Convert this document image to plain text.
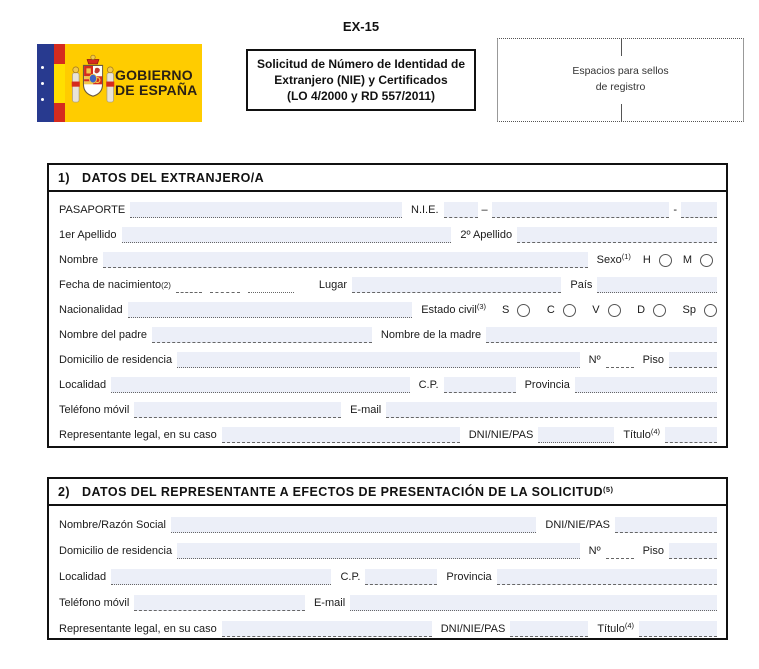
EX-15
GOBIERNO
DE ESPAÑA
Solicitud de Número de Identidad de
Extranjero (NIE) y Certificados
(LO 4/2000 y RD 557/2011)
Espacios para sellos
de registro
1) DATOS DEL EXTRANJERO/A
PASAPORTE	N.I.E.	–	-
1er Apellido	2º Apellido
Nombre	Sexo$^{(1)}$	H	M
Fecha de nacimiento(2)	Lugar	País
Nacionalidad	Estado civil$^{(3)}$	S	C	V	D	Sp
Nombre del padre	Nombre de la madre
Domicilio de residencia	Nº	Piso
Localidad	C.P.	Provincia
Teléfono móvil	E-mail
Representante legal, en su caso	DNI/NIE/PAS	Título$^{(4)}$
2) DATOS DEL REPRESENTANTE A EFECTOS DE PRESENTACIÓN DE LA SOLICITUD$^{(5)}$
Nombre/Razón Social	DNI/NIE/PAS
Domicilio de residencia	Nº	Piso
Localidad	C.P.	Provincia
Teléfono móvil	E-mail
Representante legal, en su caso	DNI/NIE/PAS	Título$^{(4)}$
